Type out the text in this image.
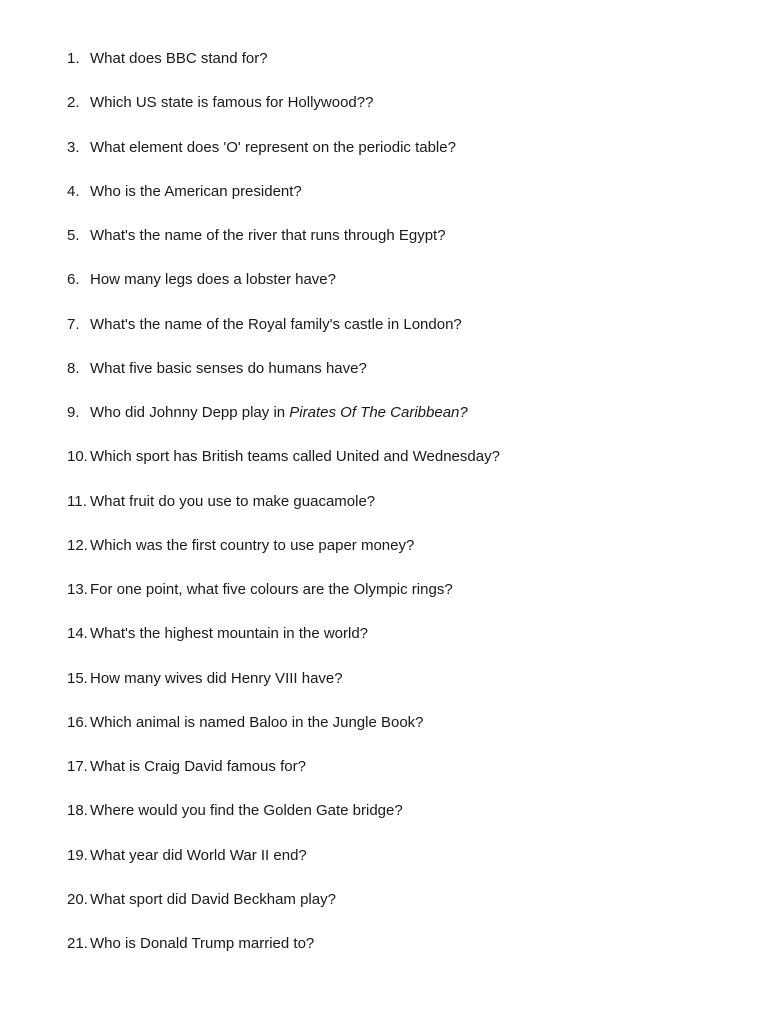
1. What does BBC stand for?
2. Which US state is famous for Hollywood??
3. What element does 'O' represent on the periodic table?
4. Who is the American president?
5. What's the name of the river that runs through Egypt?
6. How many legs does a lobster have?
7. What's the name of the Royal family's castle in London?
8. What five basic senses do humans have?
9. Who did Johnny Depp play in Pirates Of The Caribbean?
10. Which sport has British teams called United and Wednesday?
11. What fruit do you use to make guacamole?
12. Which was the first country to use paper money?
13. For one point, what five colours are the Olympic rings?
14. What's the highest mountain in the world?
15. How many wives did Henry VIII have?
16. Which animal is named Baloo in the Jungle Book?
17. What is Craig David famous for?
18. Where would you find the Golden Gate bridge?
19. What year did World War II end?
20. What sport did David Beckham play?
21. Who is Donald Trump married to?
